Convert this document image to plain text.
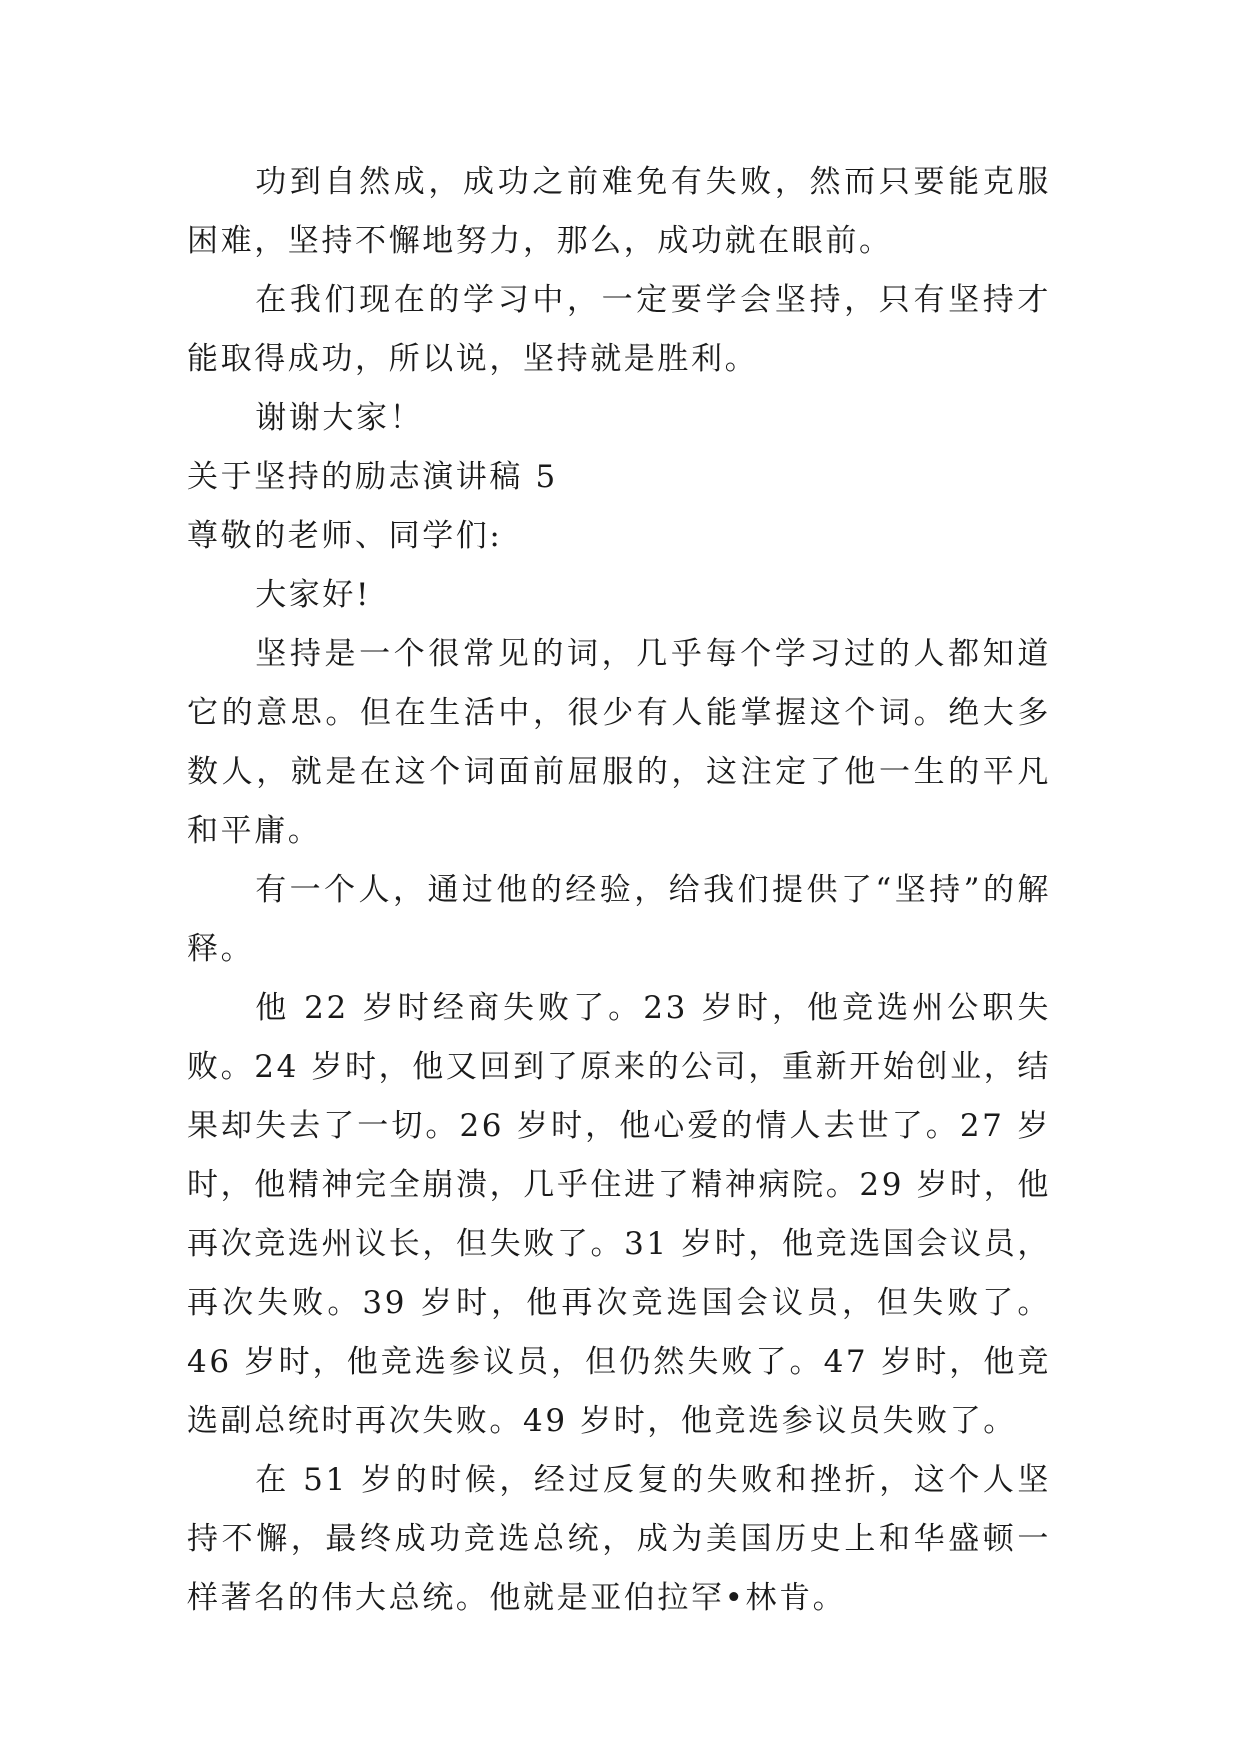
功到自然成，成功之前难免有失败，然而只要能克服困难，坚持不懈地努力，那么，成功就在眼前。

在我们现在的学习中，一定要学会坚持，只有坚持才能取得成功，所以说，坚持就是胜利。

谢谢大家！

关于坚持的励志演讲稿 5

尊敬的老师、同学们:

大家好!

坚持是一个很常见的词，几乎每个学习过的人都知道它的意思。但在生活中，很少有人能掌握这个词。绝大多数人，就是在这个词面前屈服的，这注定了他一生的平凡和平庸。

有一个人，通过他的经验，给我们提供了“坚持”的解释。

他 22 岁时经商失败了。23 岁时，他竞选州公职失败。24 岁时，他又回到了原来的公司，重新开始创业，结果却失去了一切。26 岁时，他心爱的情人去世了。27 岁时，他精神完全崩溃，几乎住进了精神病院。29 岁时，他再次竞选州议长，但失败了。31 岁时，他竞选国会议员，再次失败。39 岁时，他再次竞选国会议员，但失败了。46 岁时，他竞选参议员，但仍然失败了。47 岁时，他竞选副总统时再次失败。49 岁时，他竞选参议员失败了。

在 51 岁的时候，经过反复的失败和挫折，这个人坚持不懈，最终成功竞选总统，成为美国历史上和华盛顿一样著名的伟大总统。他就是亚伯拉罕•林肯。
